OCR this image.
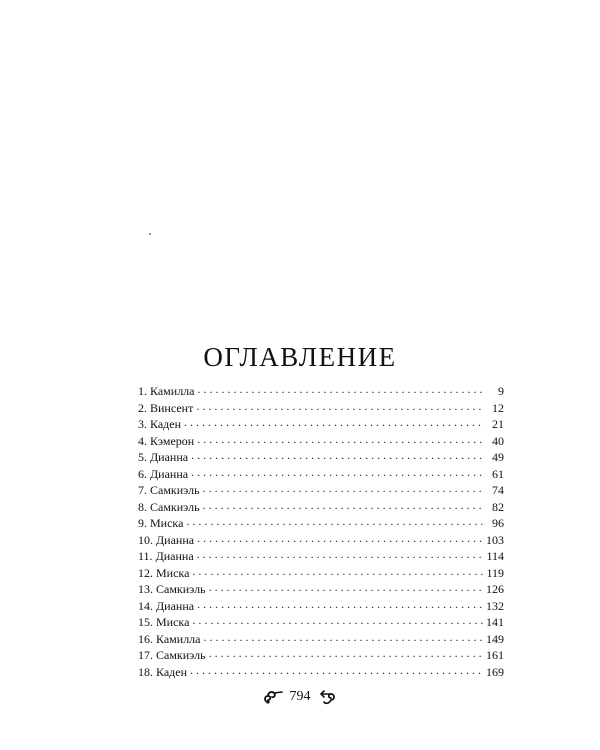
ОГЛАВЛЕНИЕ
1. Камилла . . .	9
2. Винсент . . .	12
3. Каден . . .	21
4. Кэмерон . . .	40
5. Дианна . . .	49
6. Дианна . . .	61
7. Самкиэль . . .	74
8. Самкиэль . . .	82
9. Миска . . .	96
10. Дианна . . .	103
11. Дианна . . .	114
12. Миска . . .	119
13. Самкиэль . . .	126
14. Дианна . . .	132
15. Миска . . .	141
16. Камилла . . .	149
17. Самкиэль . . .	161
18. Каден . . .	169
794
